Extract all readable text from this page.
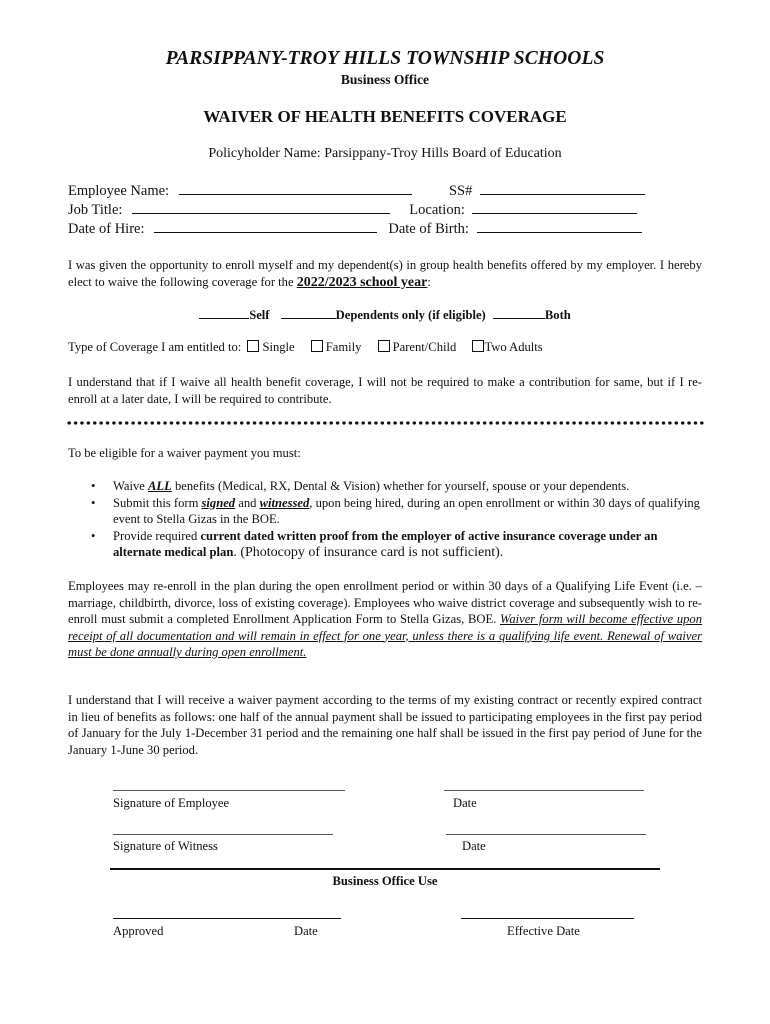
PARSIPPANY-TROY HILLS TOWNSHIP SCHOOLS
Business Office
WAIVER OF HEALTH BENEFITS COVERAGE
Policyholder Name: Parsippany-Troy Hills Board of Education
Employee Name:	SS#
Job Title:	Location:
Date of Hire:	Date of Birth:
I was given the opportunity to enroll myself and my dependent(s) in group health benefits offered by my employer. I hereby elect to waive the following coverage for the 2022/2023 school year:
Self	Dependents only (if eligible)	Both
Type of Coverage I am entitled to: Single Family Parent/Child Two Adults
I understand that if I waive all health benefit coverage, I will not be required to make a contribution for same, but if I re-enroll at a later date, I will be required to contribute.
To be eligible for a waiver payment you must:
• Waive ALL benefits (Medical, RX, Dental & Vision) whether for yourself, spouse or your dependents.
• Submit this form signed and witnessed, upon being hired, during an open enrollment or within 30 days of qualifying event to Stella Gizas in the BOE.
• Provide required current dated written proof from the employer of active insurance coverage under an alternate medical plan. (Photocopy of insurance card is not sufficient).
Employees may re-enroll in the plan during the open enrollment period or within 30 days of a Qualifying Life Event (i.e. – marriage, childbirth, divorce, loss of existing coverage). Employees who waive district coverage and subsequently wish to re-enroll must submit a completed Enrollment Application Form to Stella Gizas, BOE. Waiver form will become effective upon receipt of all documentation and will remain in effect for one year, unless there is a qualifying life event. Renewal of waiver must be done annually during open enrollment.
I understand that I will receive a waiver payment according to the terms of my existing contract or recently expired contract in lieu of benefits as follows: one half of the annual payment shall be issued to participating employees in the first pay period of January for the July 1-December 31 period and the remaining one half shall be issued in the first pay period of June for the January 1-June 30 period.
Signature of Employee	Date
Signature of Witness	Date
Business Office Use
Approved	Date	Effective Date
